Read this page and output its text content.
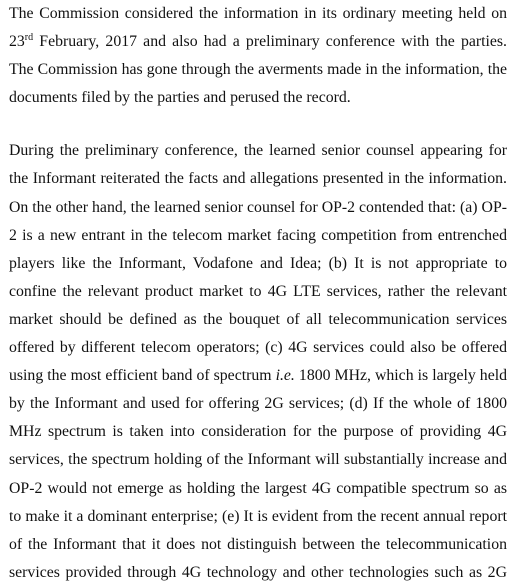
The Commission considered the information in its ordinary meeting held on
23rd February, 2017 and also had a preliminary conference with the parties.
The Commission has gone through the averments made in the information, the
documents filed by the parties and perused the record.

During the preliminary conference, the learned senior counsel appearing for
the Informant reiterated the facts and allegations presented in the information.
On the other hand, the learned senior counsel for OP-2 contended that: (a) OP-
2 is a new entrant in the telecom market facing competition from entrenched
players like the Informant, Vodafone and Idea; (b) It is not appropriate to
confine the relevant product market to 4G LTE services, rather the relevant
market should be defined as the bouquet of all telecommunication services
offered by different telecom operators; (c) 4G services could also be offered
using the most efficient band of spectrum i.e. 1800 MHz, which is largely held
by the Informant and used for offering 2G services; (d) If the whole of 1800
MHz spectrum is taken into consideration for the purpose of providing 4G
services, the spectrum holding of the Informant will substantially increase and
OP-2 would not emerge as holding the largest 4G compatible spectrum so as
to make it a dominant enterprise; (e) It is evident from the recent annual report
of the Informant that it does not distinguish between the telecommunication
services provided through 4G technology and other technologies such as 2G
